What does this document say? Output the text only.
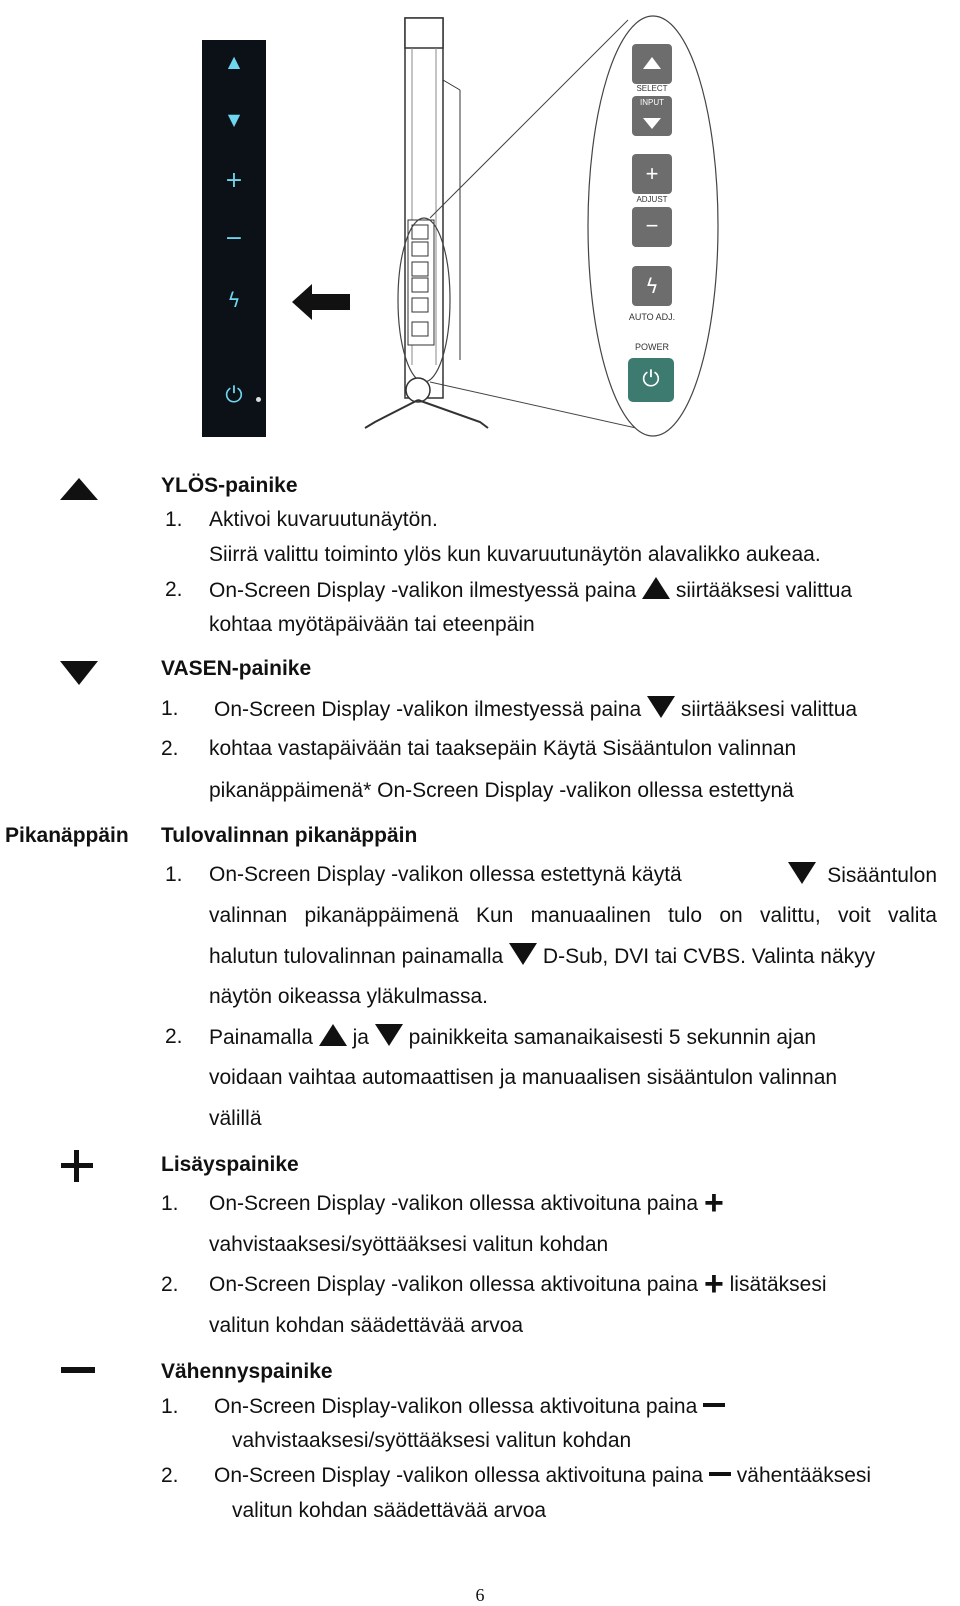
▲
▼
+
−
ϟ
⏻
SELECT
INPUT
+
ADJUST
−
ϟ
AUTO ADJ.
POWER
⏻
YLÖS-painike
1. Aktivoi kuvaruutunäytön.
Siirrä valittu toiminto ylös kun kuvaruutunäytön alavalikko aukeaa.
2. On-Screen Display -valikon ilmestyessä paina siirtääksesi valittua
kohtaa myötäpäivään tai eteenpäin
VASEN-painike
1. On-Screen Display -valikon ilmestyessä paina siirtääksesi valittua
2. kohtaa vastapäivään tai taaksepäin Käytä Sisääntulon valinnan
pikanäppäimenä* On-Screen Display -valikon ollessa estettynä
Pikanäppäin Tulovalinnan pikanäppäin
1. On-Screen Display -valikon ollessa estettynä käytä	Sisääntulon
valinnan pikanäppäimenä Kun manuaalinen tulo on valittu, voit valita
halutun tulovalinnan painamalla D-Sub, DVI tai CVBS. Valinta näkyy
näytön oikeassa yläkulmassa.
2. Painamalla ja painikkeita samanaikaisesti 5 sekunnin ajan
voidaan vaihtaa automaattisen ja manuaalisen sisääntulon valinnan
välillä
Lisäyspainike
1. On-Screen Display -valikon ollessa aktivoituna paina +
vahvistaaksesi/syöttääksesi valitun kohdan
2. On-Screen Display -valikon ollessa aktivoituna paina + lisätäksesi
valitun kohdan säädettävää arvoa
Vähennyspainike
1. On-Screen Display-valikon ollessa aktivoituna paina
vahvistaaksesi/syöttääksesi valitun kohdan
2. On-Screen Display -valikon ollessa aktivoituna paina vähentääksesi
valitun kohdan säädettävää arvoa
6
